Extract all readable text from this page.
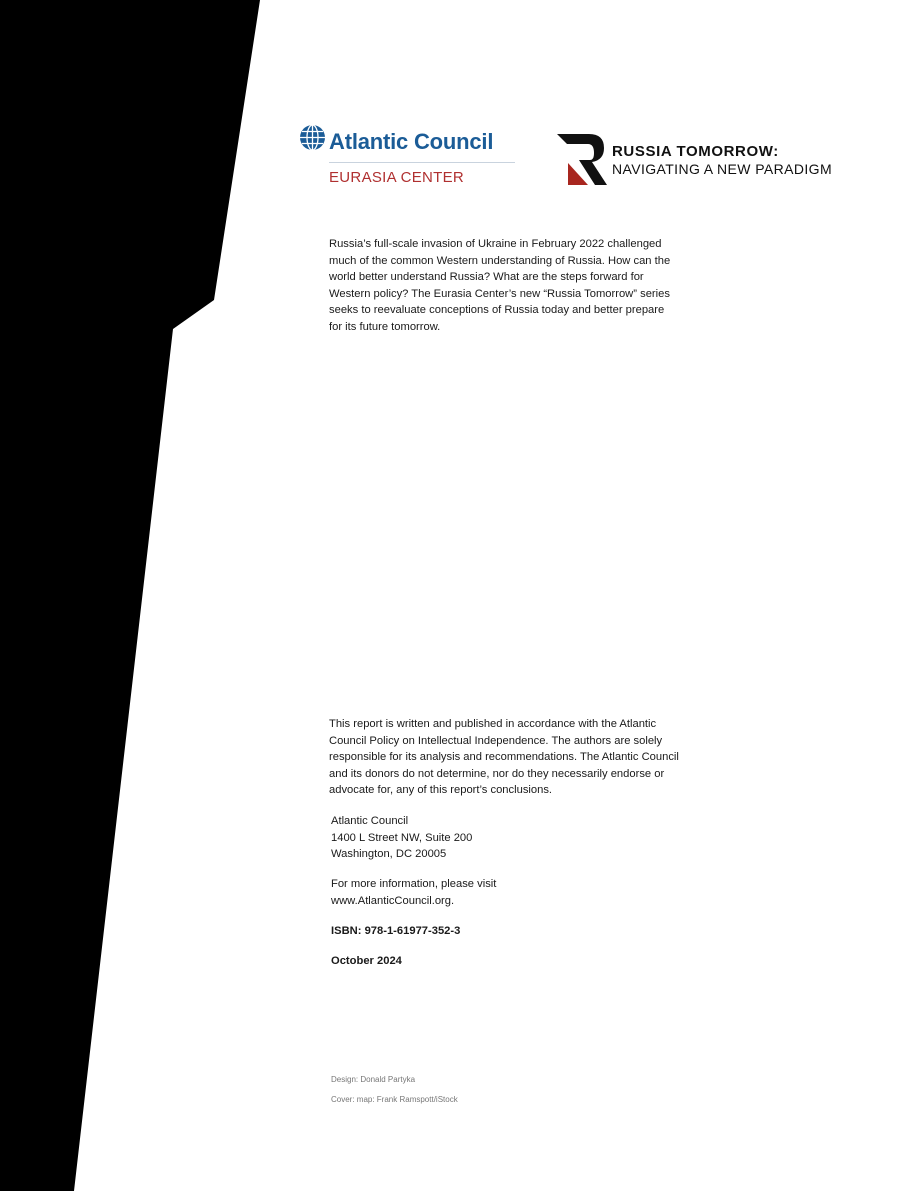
Atlantic Council
EURASIA CENTER
RUSSIA TOMORROW:
NAVIGATING A NEW PARADIGM

Russia’s full-scale invasion of Ukraine in February 2022 challenged much of the common Western understanding of Russia. How can the world better understand Russia? What are the steps forward for Western policy? The Eurasia Center’s new “Russia Tomorrow” series seeks to reevaluate conceptions of Russia today and better prepare for its future tomorrow.

This report is written and published in accordance with the Atlantic Council Policy on Intellectual Independence. The authors are solely responsible for its analysis and recommendations. The Atlantic Council and its donors do not determine, nor do they necessarily endorse or advocate for, any of this report’s conclusions.

Atlantic Council
1400 L Street NW, Suite 200
Washington, DC 20005
For more information, please visit
www.AtlanticCouncil.org.
ISBN: 978-1-61977-352-3
October 2024
Design: Donald Partyka
Cover: map: Frank Ramspott/iStock
